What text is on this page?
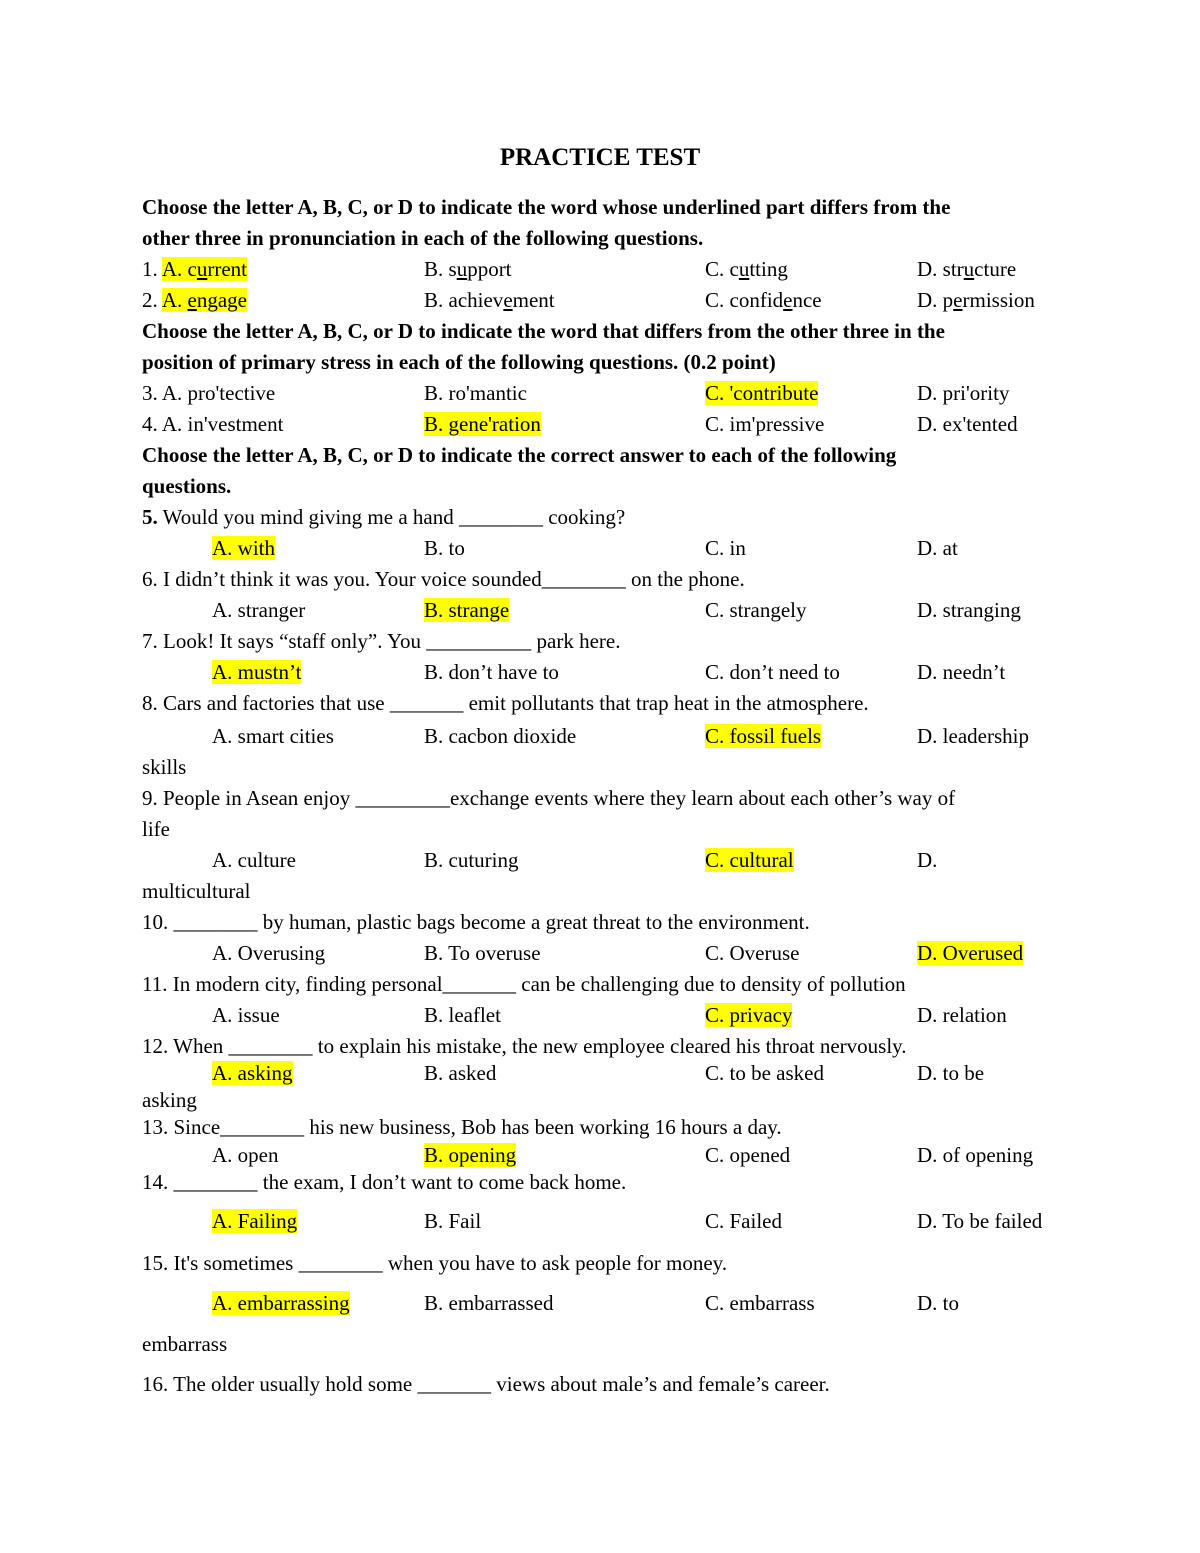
PRACTICE TEST
Choose the letter A, B, C, or D to indicate the word whose underlined part differs from the
other three in pronunciation in each of the following questions.
1. A. current	B. support	C. cutting	D. structure
2. A. engage	B. achievement	C. confidence	D. permission
Choose the letter A, B, C, or D to indicate the word that differs from the other three in the
position of primary stress in each of the following questions. (0.2 point)
3. A. pro'tective	B. ro'mantic	C. 'contribute	D. pri'ority
4. A. in'vestment	B. gene'ration	C. im'pressive	D. ex'tented
Choose the letter A, B, C, or D to indicate the correct answer to each of the following
questions.
5. Would you mind giving me a hand ________ cooking?
A. with	B. to	C. in	D. at
6. I didn’t think it was you. Your voice sounded________ on the phone.
A. stranger	B. strange	C. strangely	D. stranging
7. Look! It says “staff only”. You __________ park here.
A. mustn’t	B. don’t have to	C. don’t need to	D. needn’t
8. Cars and factories that use _______ emit pollutants that trap heat in the atmosphere.
A. smart cities	B. cacbon dioxide	C. fossil fuels	D. leadership
skills
9. People in Asean enjoy _________exchange events where they learn about each other’s way of
life
A. culture	B. cuturing	C. cultural	D.
multicultural
10. ________ by human, plastic bags become a great threat to the environment.
A. Overusing	B. To overuse	C. Overuse	D. Overused
11. In modern city, finding personal_______ can be challenging due to density of pollution
A. issue	B. leaflet	C. privacy	D. relation
12. When ________ to explain his mistake, the new employee cleared his throat nervously.
A. asking	B. asked	C. to be asked	D. to be
asking
13. Since________ his new business, Bob has been working 16 hours a day.
A. open	B. opening	C. opened	D. of opening
14. ________ the exam, I don’t want to come back home.
A. Failing	B. Fail	C. Failed	D. To be failed
15. It's sometimes ________ when you have to ask people for money.
A. embarrassing	B. embarrassed	C. embarrass	D. to
embarrass
16. The older usually hold some _______ views about male’s and female’s career.
